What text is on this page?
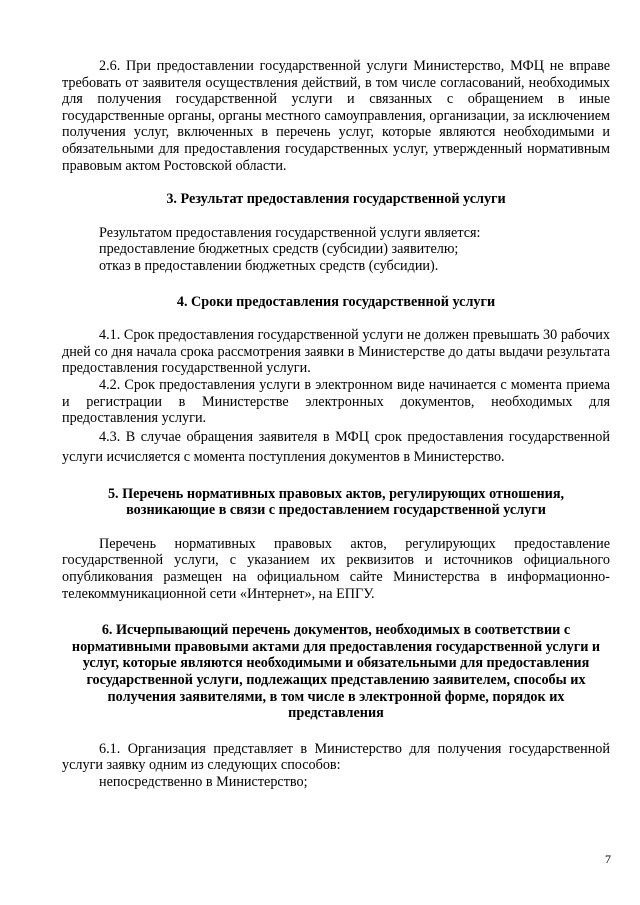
2.6. При предоставлении государственной услуги Министерство, МФЦ не вправе требовать от заявителя осуществления действий, в том числе согласований, необходимых для получения государственной услуги и связанных с обращением в иные государственные органы, органы местного самоуправления, организации, за исключением получения услуг, включенных в перечень услуг, которые являются необходимыми и обязательными для предоставления государственных услуг, утвержденный нормативным правовым актом Ростовской области.

3. Результат предоставления государственной услуги

Результатом предоставления государственной услуги является:

предоставление бюджетных средств (субсидии) заявителю;

отказ в предоставлении бюджетных средств (субсидии).

4. Сроки предоставления государственной услуги

4.1. Срок предоставления государственной услуги не должен превышать 30 рабочих дней со дня начала срока рассмотрения заявки в Министерстве до даты выдачи результата предоставления государственной услуги.

4.2. Срок предоставления услуги в электронном виде начинается с момента приема и регистрации в Министерстве электронных документов, необходимых для предоставления услуги.

4.3. В случае обращения заявителя в МФЦ срок предоставления государственной услуги исчисляется с момента поступления документов в Министерство.

5. Перечень нормативных правовых актов, регулирующих отношения, возникающие в связи с предоставлением государственной услуги

Перечень нормативных правовых актов, регулирующих предоставление государственной услуги, с указанием их реквизитов и источников официального опубликования размещен на официальном сайте Министерства в информационно-телекоммуникационной сети «Интернет», на ЕПГУ.

6. Исчерпывающий перечень документов, необходимых в соответствии с нормативными правовыми актами для предоставления государственной услуги и услуг, которые являются необходимыми и обязательными для предоставления государственной услуги, подлежащих представлению заявителем, способы их получения заявителями, в том числе в электронной форме, порядок их представления

6.1. Организация представляет в Министерство для получения государственной услуги заявку одним из следующих способов:

непосредственно в Министерство;

7
